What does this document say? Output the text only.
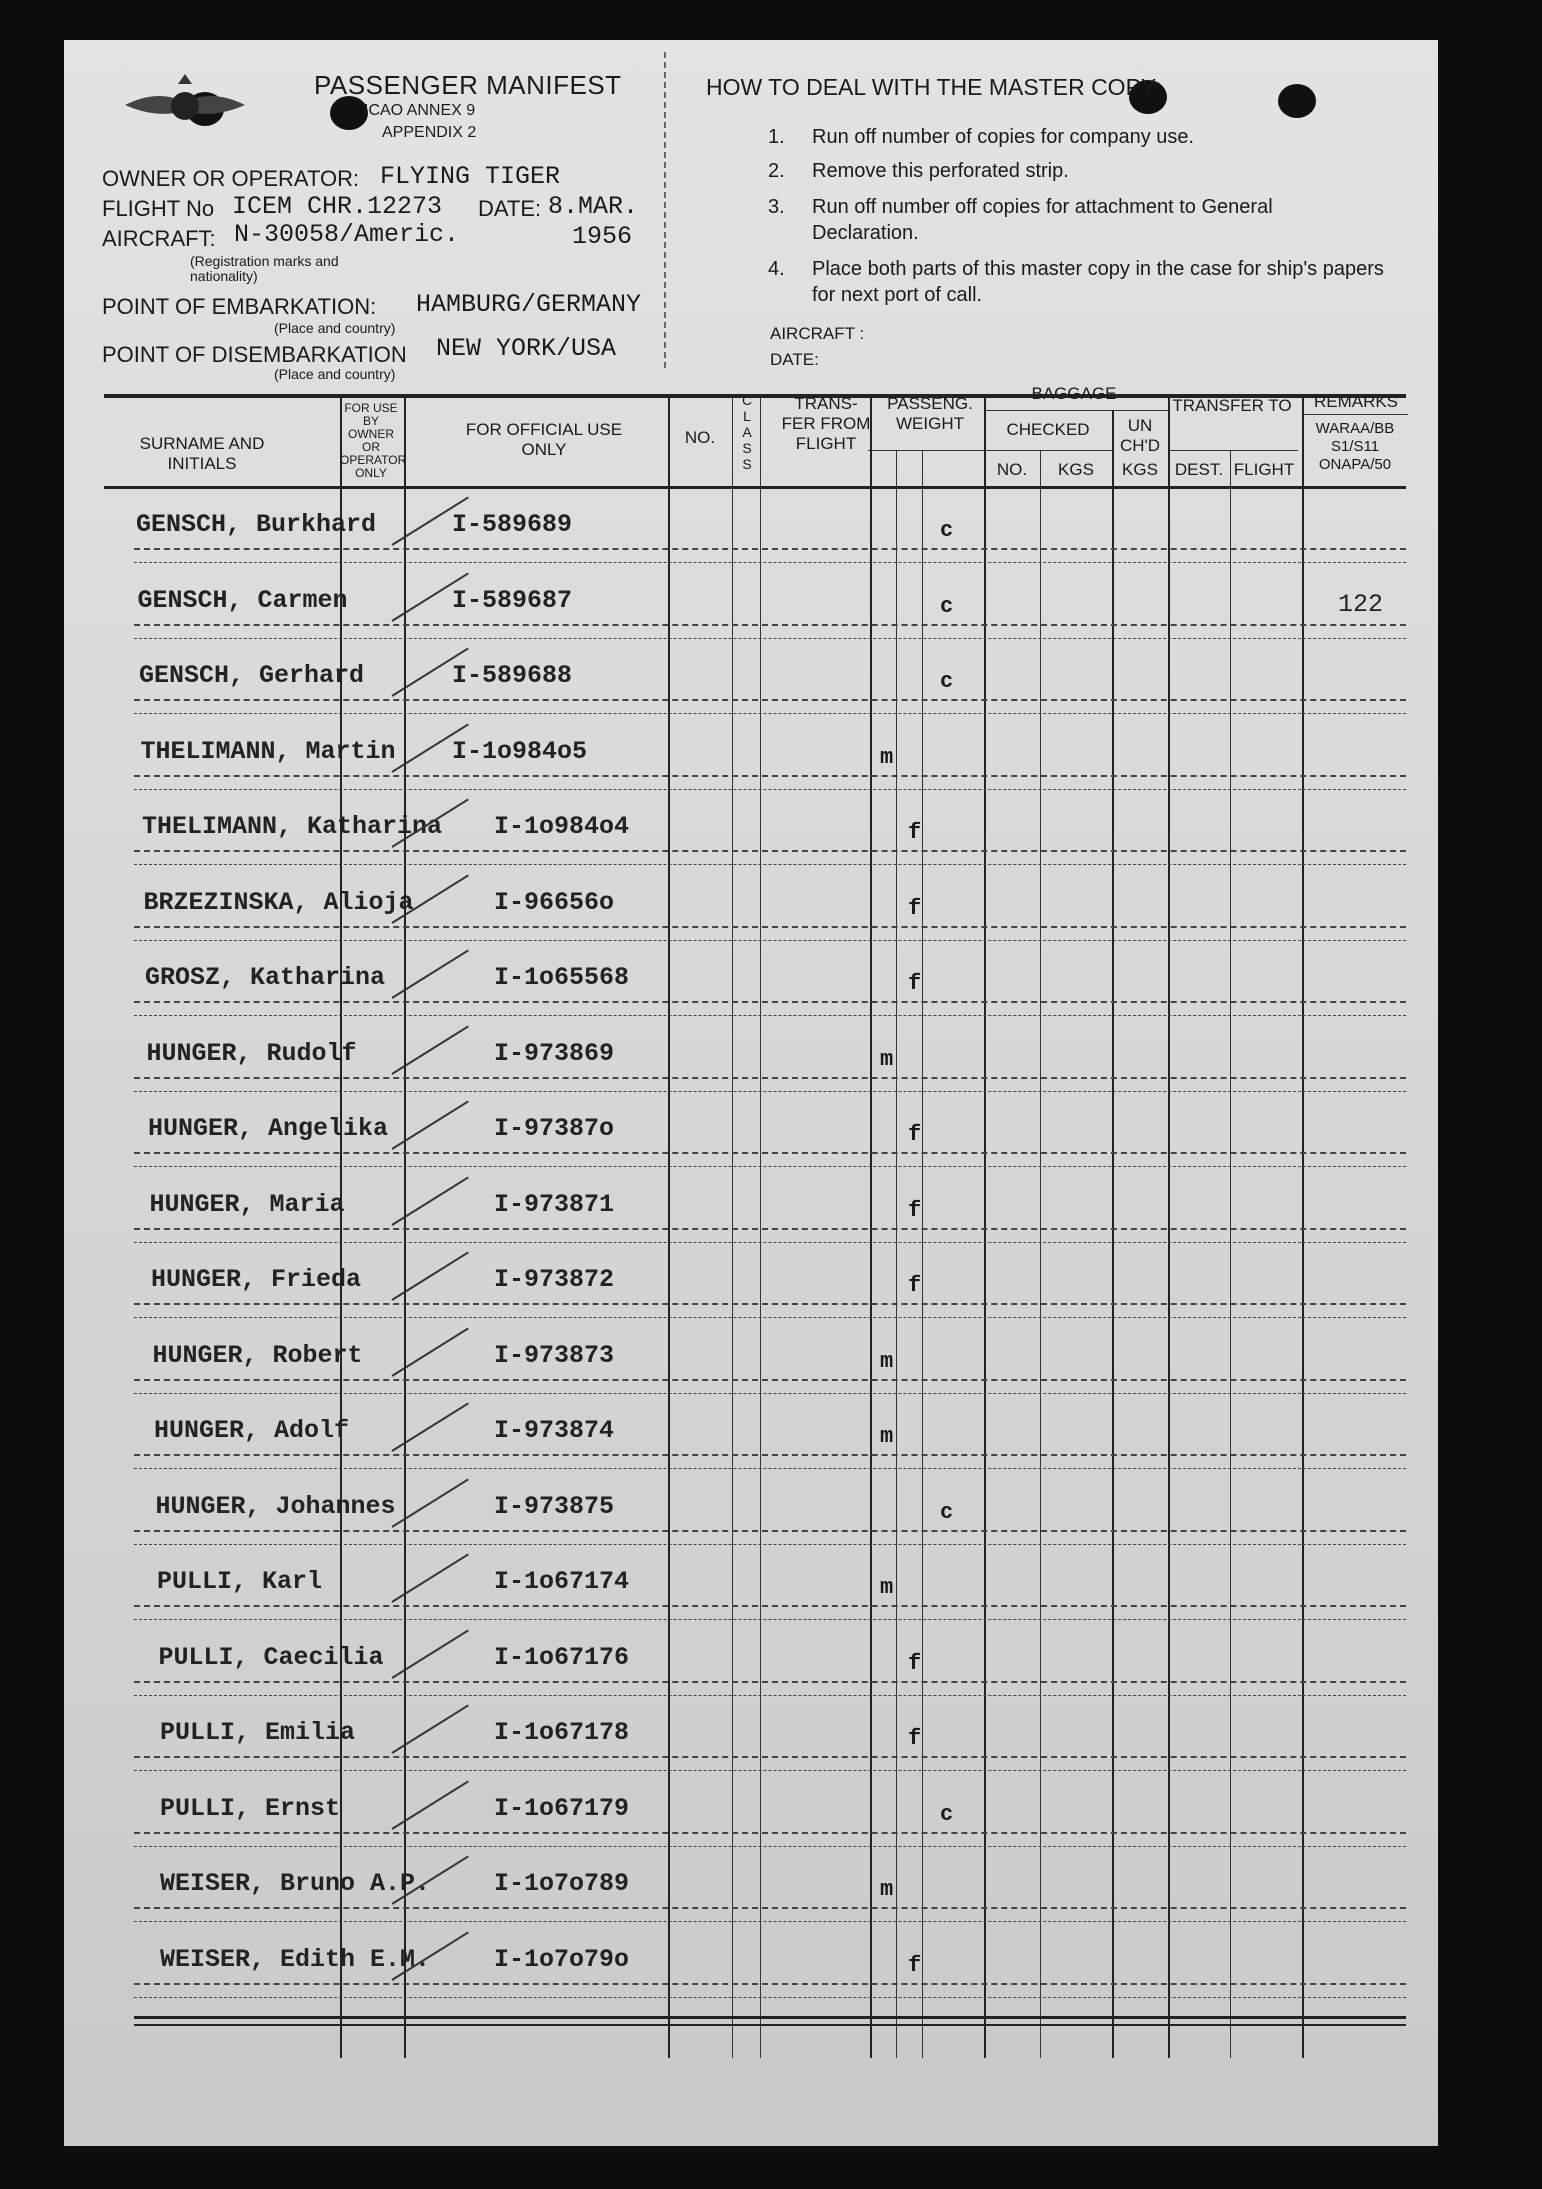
PASSENGER MANIFEST
ICAO ANNEX 9
APPENDIX 2
OWNER OR OPERATOR: FLYING TIGER
FLIGHT No ICEM CHR.12273 DATE: 8.MAR.
AIRCRAFT: N-30058/Americ.	1956
(Registration marks and nationality)
POINT OF EMBARKATION: HAMBURG/GERMANY
(Place and country)
POINT OF DISEMBARKATION NEW YORK/USA
(Place and country)
HOW TO DEAL WITH THE MASTER COPY:
1. Run off number of copies for company use.
2. Remove this perforated strip.
3. Run off number off copies for attachment to General Declaration.
4. Place both parts of this master copy in the case for ship's papers for next port of call.
AIRCRAFT :
DATE:
SURNAME AND INITIALS
FOR USE BY OWNER OR OPERATOR ONLY
FOR OFFICIAL USE ONLY
NO.
C L A S S
TRANS- FER FROM FLIGHT
PASSENG. WEIGHT
BAGGAGE
CHECKED
NO.	KGS
UN CH'D
KGS
TRANSFER TO
DEST. FLIGHT
REMARKS
WARAA/BB S1/S11 ONAPA/50
GENSCH, Burkhard	I-589689	c
GENSCH, Carmen	I-589687	c	122
GENSCH, Gerhard	I-589688	c
THELIMANN, Martin I-1o984o5	m
THELIMANN, Katharina I-1o984o4	f
BRZEZINSKA, Alioja	I-96656o	f
GROSZ, Katharina	I-1o65568	f
HUNGER, Rudolf	I-973869	m
HUNGER, Angelika	I-97387o	f
HUNGER, Maria	I-973871	f
HUNGER, Frieda	I-973872	f
HUNGER, Robert	I-973873	m
HUNGER, Adolf	I-973874	m
HUNGER, Johannes	I-973875	c
PULLI, Karl	I-1o67174	m
PULLI, Caecilia	I-1o67176	f
PULLI, Emilia	I-1o67178	f
PULLI, Ernst	I-1o67179	c
WEISER, Bruno A.P.	I-1o7o789	m
WEISER, Edith E.M.	I-1o7o79o	f
